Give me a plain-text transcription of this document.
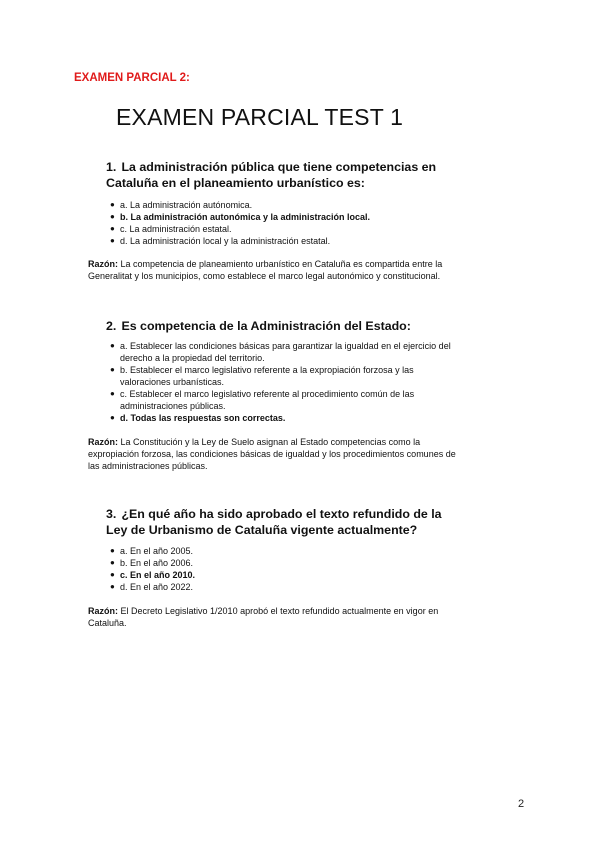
EXAMEN PARCIAL 2:
EXAMEN PARCIAL TEST 1
1. La administración pública que tiene competencias en Cataluña en el planeamiento urbanístico es:
● a. La administración autónomica.
● b. La administración autonómica y la administración local.
● c. La administración estatal.
● d. La administración local y la administración estatal.
Razón: La competencia de planeamiento urbanístico en Cataluña es compartida entre la Generalitat y los municipios, como establece el marco legal autonómico y constitucional.
2. Es competencia de la Administración del Estado:
● a. Establecer las condiciones básicas para garantizar la igualdad en el ejercicio del derecho a la propiedad del territorio.
● b. Establecer el marco legislativo referente a la expropiación forzosa y las valoraciones urbanísticas.
● c. Establecer el marco legislativo referente al procedimiento común de las administraciones públicas.
● d. Todas las respuestas son correctas.
Razón: La Constitución y la Ley de Suelo asignan al Estado competencias como la expropiación forzosa, las condiciones básicas de igualdad y los procedimientos comunes de las administraciones públicas.
3. ¿En qué año ha sido aprobado el texto refundido de la Ley de Urbanismo de Cataluña vigente actualmente?
● a. En el año 2005.
● b. En el año 2006.
● c. En el año 2010.
● d. En el año 2022.
Razón: El Decreto Legislativo 1/2010 aprobó el texto refundido actualmente en vigor en Cataluña.
2
